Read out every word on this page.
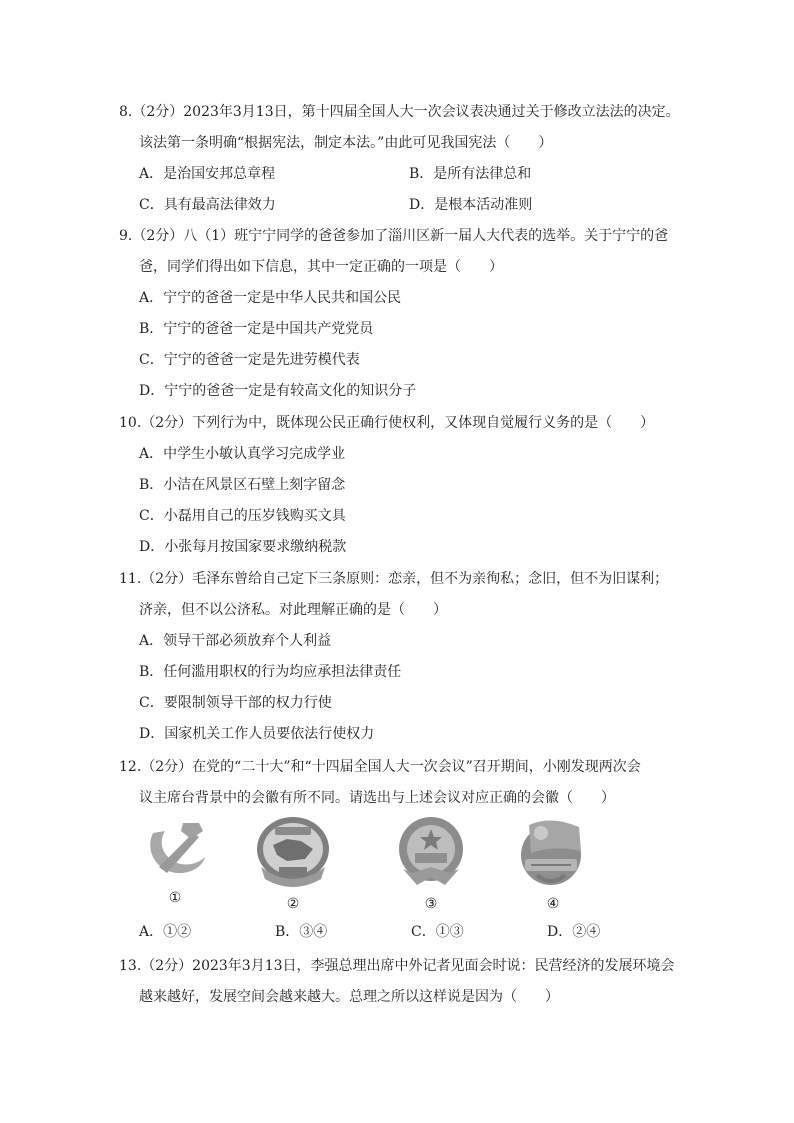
8.（2分）2023年3月13日，第十四届全国人大一次会议表决通过关于修改立法法的决定。
该法第一条明确“根据宪法，制定本法。”由此可见我国宪法（　　）
A．是治国安邦总章程	B．是所有法律总和
C．具有最高法律效力	D．是根本活动准则
9.（2分）八（1）班宁宁同学的爸爸参加了淄川区新一届人大代表的选举。关于宁宁的爸
爸，同学们得出如下信息，其中一定正确的一项是（　　）
A．宁宁的爸爸一定是中华人民共和国公民
B．宁宁的爸爸一定是中国共产党党员
C．宁宁的爸爸一定是先进劳模代表
D．宁宁的爸爸一定是有较高文化的知识分子
10.（2分）下列行为中，既体现公民正确行使权利，又体现自觉履行义务的是（　　）
A．中学生小敏认真学习完成学业
B．小洁在风景区石壁上刻字留念
C．小磊用自己的压岁钱购买文具
D．小张每月按国家要求缴纳税款
11.（2分）毛泽东曾给自己定下三条原则：恋亲，但不为亲徇私；念旧，但不为旧谋利；
济亲，但不以公济私。对此理解正确的是（　　）
A．领导干部必须放弃个人利益
B．任何滥用职权的行为均应承担法律责任
C．要限制领导干部的权力行使
D．国家机关工作人员要依法行使权力
12.（2分）在党的“二十大”和“十四届全国人大一次会议”召开期间，小刚发现两次会
议主席台背景中的会徽有所不同。请选出与上述会议对应正确的会徽（　　）
①	②	③	④
A．①②	B．③④	C．①③	D．②④
13.（2分）2023年3月13日，李强总理出席中外记者见面会时说：民营经济的发展环境会
越来越好，发展空间会越来越大。总理之所以这样说是因为（　　）
